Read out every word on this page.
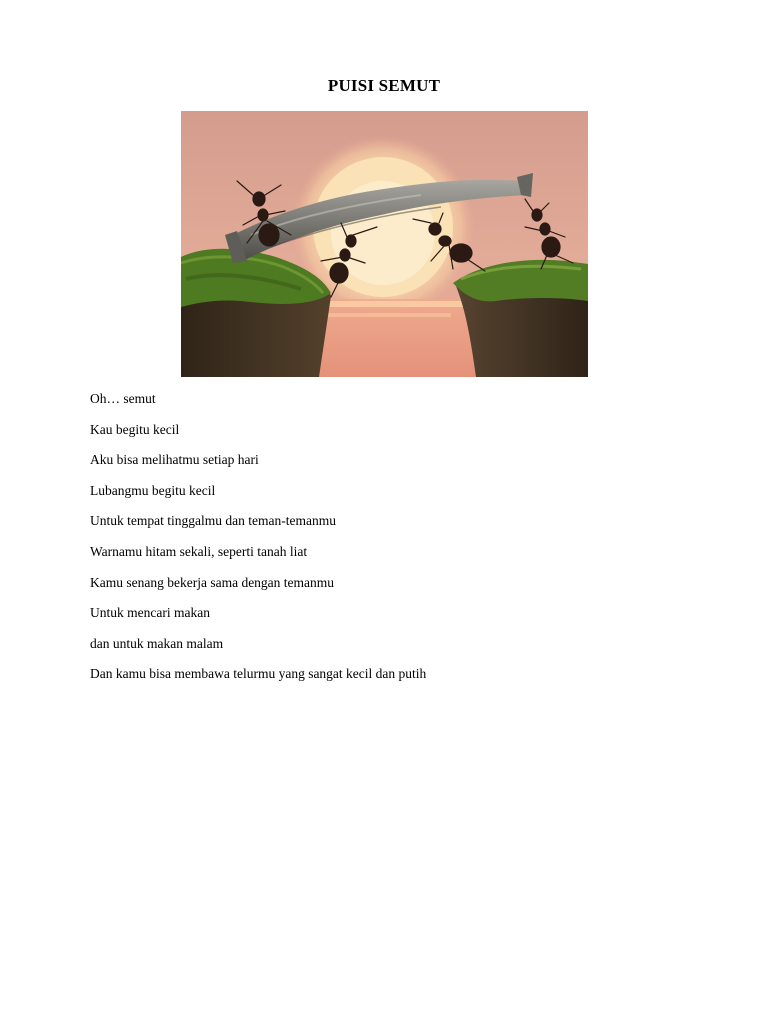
PUISI SEMUT
Oh… semut
Kau begitu kecil
Aku bisa melihatmu setiap hari
Lubangmu begitu kecil
Untuk tempat tinggalmu dan teman-temanmu
Warnamu hitam sekali, seperti tanah liat
Kamu senang bekerja sama dengan temanmu
Untuk mencari makan
dan untuk makan malam
Dan kamu bisa membawa telurmu yang sangat kecil dan putih
